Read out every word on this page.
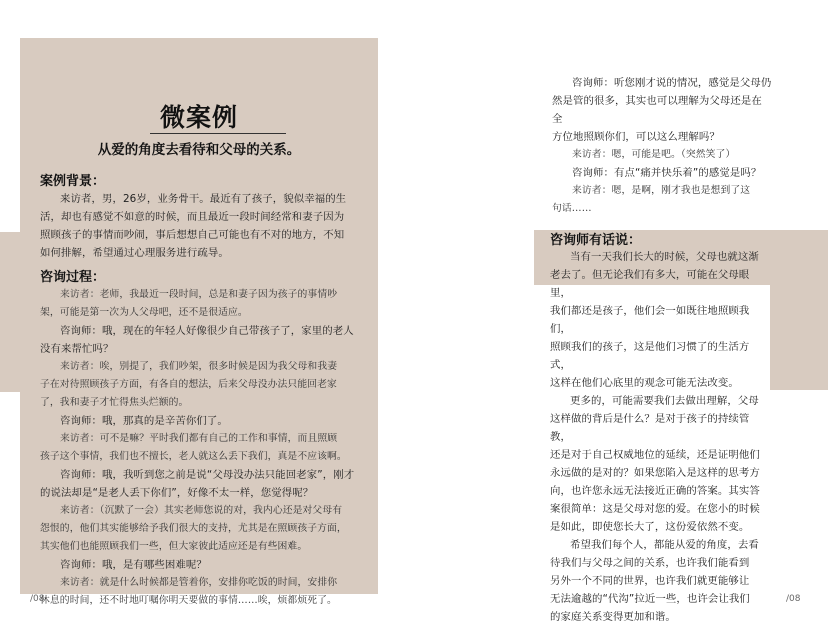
微案例
从爱的角度去看待和父母的关系。
案例背景：

来访者，男，26岁，业务骨干。最近有了孩子，貌似幸福的生

活，却也有感觉不如意的时候，而且最近一段时间经常和妻子因为

照顾孩子的事情而吵闹，事后想想自己可能也有不对的地方，不知

如何排解，希望通过心理服务进行疏导。

咨询过程：

来访者：老师，我最近一段时间，总是和妻子因为孩子的事情吵

架，可能是第一次为人父母吧，还不是很适应。

咨询师：哦，现在的年轻人好像很少自己带孩子了，家里的老人

没有来帮忙吗？

来访者：唉，别提了，我们吵架，很多时候是因为我父母和我妻

子在对待照顾孩子方面，有各自的想法，后来父母没办法只能回老家

了，我和妻子才忙得焦头烂额的。

咨询师：哦，那真的是辛苦你们了。

来访者：可不是嘛？平时我们都有自己的工作和事情，而且照顾

孩子这个事情，我们也不擅长，老人就这么丢下我们，真是不应该啊。

咨询师：哦，我听到您之前是说“父母没办法只能回老家”，刚才

的说法却是“是老人丢下你们”，好像不太一样，您觉得呢？

来访者：（沉默了一会）其实老师您说的对，我内心还是对父母有

怨恨的，他们其实能够给予我们很大的支持，尤其是在照顾孩子方面，

其实他们也能照顾我们一些，但大家彼此适应还是有些困难。

咨询师：哦，是有哪些困难呢？

来访者：就是什么时候都是管着你，安排你吃饭的时间，安排你

休息的时间，还不时地叮嘱你明天要做的事情……唉，烦都烦死了。

/08

咨询师：听您刚才说的情况，感觉是父母仍

然是管的很多，其实也可以理解为父母还是在全

方位地照顾你们，可以这么理解吗？

来访者：嗯，可能是吧。（突然笑了）

咨询师：有点“痛并快乐着”的感觉是吗？

来访者：嗯，是啊，刚才我也是想到了这

句话……

咨询师有话说：

当有一天我们长大的时候，父母也就这渐

老去了。但无论我们有多大，可能在父母眼里，

我们都还是孩子，他们会一如既往地照顾我们，

照顾我们的孩子，这是他们习惯了的生活方式，

这样在他们心底里的观念可能无法改变。

更多的，可能需要我们去做出理解，父母

这样做的背后是什么？是对于孩子的持续管教，

还是对于自己权威地位的延续，还是证明他们

永远做的是对的？如果您陷入是这样的思考方

向，也许您永远无法接近正确的答案。其实答

案很简单：这是父母对您的爱。在您小的时候

是如此，即使您长大了，这份爱依然不变。

希望我们每个人，都能从爱的角度，去看

待我们与父母之间的关系，也许我们能看到

另外一个不同的世界，也许我们就更能够让

无法逾越的“代沟”拉近一些，也许会让我们

的家庭关系变得更加和谐。

/08
